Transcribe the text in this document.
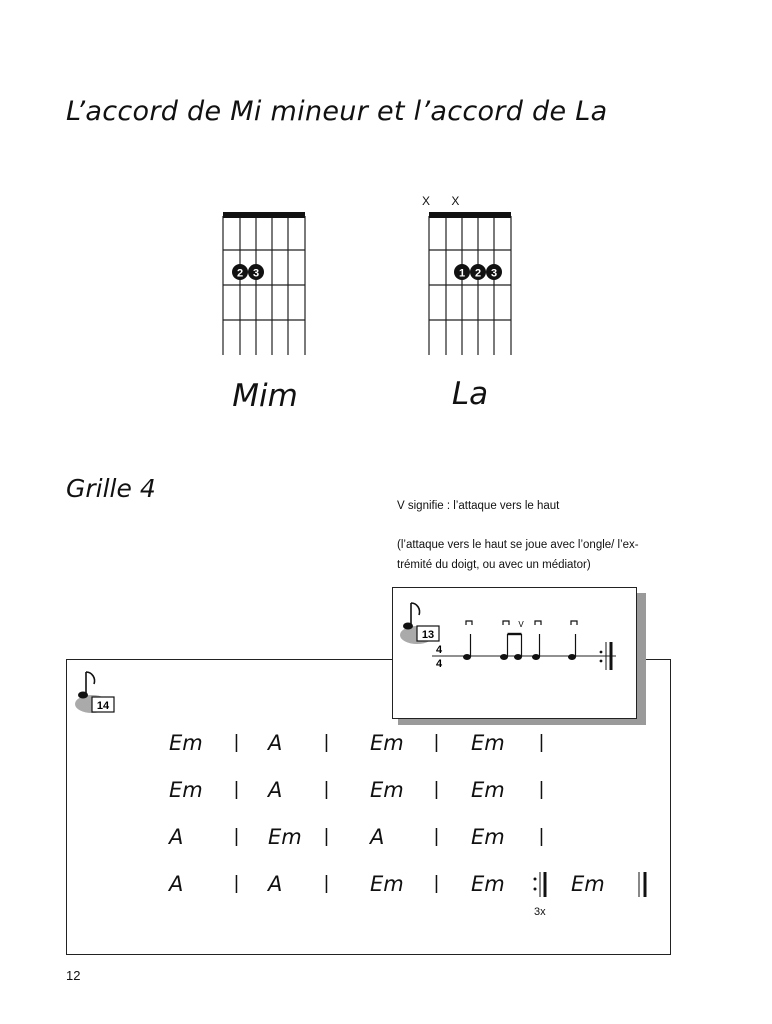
L’accord de Mi mineur et l’accord de La
2 3
Mim
X X
1 2 3
La
Grille 4
V signifie : l’attaque vers le haut
(l’attaque vers le haut se joue avec l’ongle/ l’ex-
trémité du doigt, ou avec un médiator)
14
13
4
4
V
Em | A | Em | Em |
Em | A | Em | Em |
A	| Em | A	| Em |
A	| A | Em | Em	Em
3x
12
